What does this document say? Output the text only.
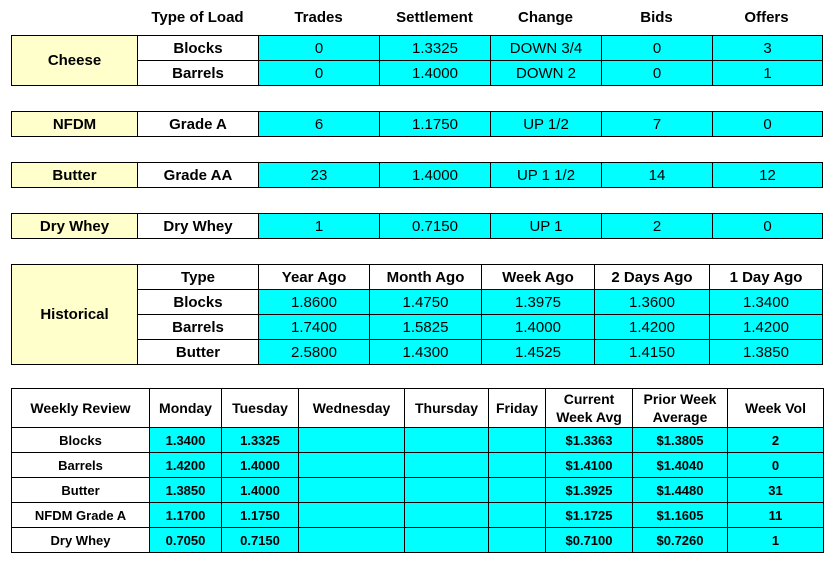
Type of Load	Trades	Settlement	Change	Bids	Offers
Cheese	Blocks	0	1.3325	DOWN 3/4	0	3
	Barrels	0	1.4000	DOWN 2	0	1
NFDM	Grade A	6	1.1750	UP 1/2	7	0
Butter	Grade AA	23	1.4000	UP 1 1/2	14	12
Dry Whey	Dry Whey	1	0.7150	UP 1	2	0
Historical	Type	Year Ago	Month Ago	Week Ago	2 Days Ago	1 Day Ago
	Blocks	1.8600	1.4750	1.3975	1.3600	1.3400
	Barrels	1.7400	1.5825	1.4000	1.4200	1.4200
	Butter	2.5800	1.4300	1.4525	1.4150	1.3850
Weekly Review	Monday	Tuesday	Wednesday	Thursday	Friday	Current Week Avg	Prior Week Average	Week Vol
Blocks	1.3400	1.3325				$1.3363	$1.3805	2
Barrels	1.4200	1.4000				$1.4100	$1.4040	0
Butter	1.3850	1.4000				$1.3925	$1.4480	31
NFDM Grade A	1.1700	1.1750				$1.1725	$1.1605	11
Dry Whey	0.7050	0.7150				$0.7100	$0.7260	1
